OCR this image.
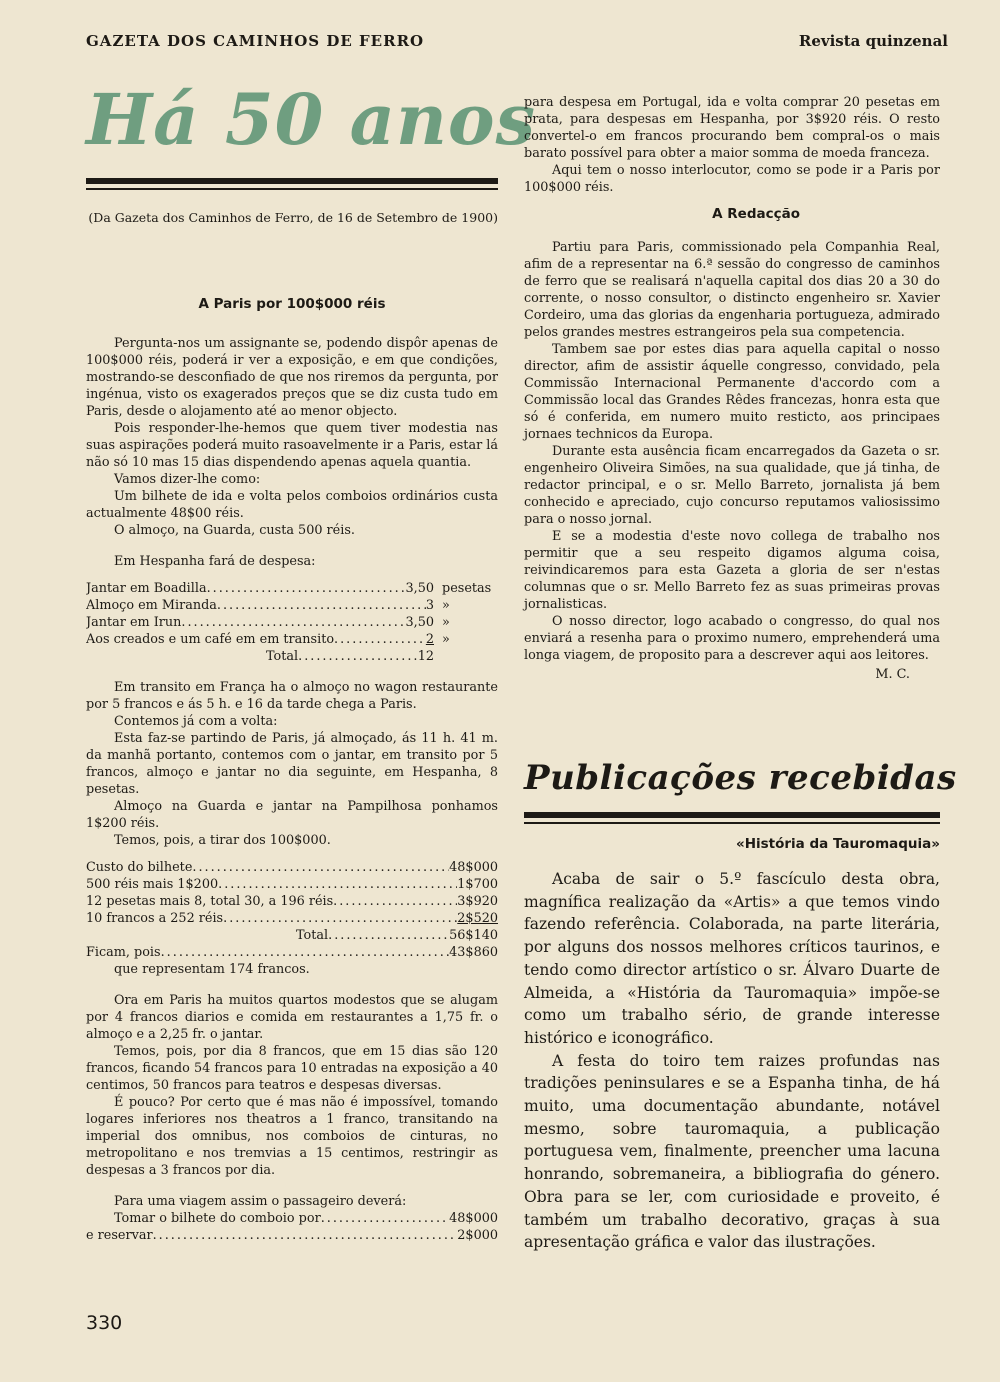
GAZETA DOS CAMINHOS DE FERRO	Revista quinzenal
Há 50 anos
(Da Gazeta dos Caminhos de Ferro, de 16 de Setembro de 1900)
A Paris por 100$000 réis

Pergunta-nos um assignante se, podendo dispôr apenas de 100$000 réis, poderá ir ver a exposição, e em que condições, mostrando-se desconfiado de que nos riremos da pergunta, por ingénua, visto os exagerados preços que se diz custa tudo em Paris, desde o alojamento até ao menor objecto.

Pois responder-lhe-hemos que quem tiver modestia nas suas aspirações poderá muito rasoavelmente ir a Paris, estar lá não só 10 mas 15 dias dispendendo apenas aquela quantia.

Vamos dizer-lhe como:

Um bilhete de ida e volta pelos comboios ordinários custa actualmente 48$00 réis.

O almoço, na Guarda, custa 500 réis.

Em Hespanha fará de despesa:

Jantar em Boadilla .....	3,50 pesetas
Almoço em Miranda .....	3 »
Jantar em Irun .....	3,50 »
Aos creados e um café em em transito .....	2 »
Total .....	12

Em transito em França ha o almoço no wagon restaurante por 5 francos e ás 5 h. e 16 da tarde chega a Paris.

Contemos já com a volta:

Esta faz-se partindo de Paris, já almoçado, ás 11 h. 41 m. da manhã portanto, contemos com o jantar, em transito por 5 francos, almoço e jantar no dia seguinte, em Hespanha, 8 pesetas.

Almoço na Guarda e jantar na Pampilhosa ponhamos 1$200 réis.

Temos, pois, a tirar dos 100$000.

Custo do bilhete .....	48$000
500 réis mais 1$200 .....	1$700
12 pesetas mais 8, total 30, a 196 réis .....	3$920
10 francos a 252 réis .....	2$520
Total .....	56$140
Ficam, pois .....	43$860

que representam 174 francos.

Ora em Paris ha muitos quartos modestos que se alugam por 4 francos diarios e comida em restaurantes a 1,75 fr. o almoço e a 2,25 fr. o jantar.

Temos, pois, por dia 8 francos, que em 15 dias são 120 francos, ficando 54 francos para 10 entradas na exposição a 40 centimos, 50 francos para teatros e despesas diversas.

É pouco? Por certo que é mas não é impossível, tomando logares inferiores nos theatros a 1 franco, transitando na imperial dos omnibus, nos comboios de cinturas, no metropolitano e nos tremvias a 15 centimos, restringir as despesas a 3 francos por dia.

Para uma viagem assim o passageiro deverá:

Tomar o bilhete do comboio por .....	48$000
e reservar .....	2$000

para despesa em Portugal, ida e volta comprar 20 pesetas em prata, para despesas em Hespanha, por 3$920 réis. O resto convertel-o em francos procurando bem compral-os o mais barato possível para obter a maior somma de moeda franceza.

Aqui tem o nosso interlocutor, como se pode ir a Paris por 100$000 réis.

A Redacção

Partiu para Paris, commissionado pela Companhia Real, afim de a representar na 6.ª sessão do congresso de caminhos de ferro que se realisará n'aquella capital dos dias 20 a 30 do corrente, o nosso consultor, o distincto engenheiro sr. Xavier Cordeiro, uma das glorias da engenharia portugueza, admirado pelos grandes mestres estrangeiros pela sua competencia.

Tambem sae por estes dias para aquella capital o nosso director, afim de assistir áquelle congresso, convidado, pela Commissão Internacional Permanente d'accordo com a Commissão local das Grandes Rêdes francezas, honra esta que só é conferida, em numero muito resticto, aos principaes jornaes technicos da Europa.

Durante esta ausência ficam encarregados da Gazeta o sr. engenheiro Oliveira Simões, na sua qualidade, que já tinha, de redactor principal, e o sr. Mello Barreto, jornalista já bem conhecido e apreciado, cujo concurso reputamos valiosissimo para o nosso jornal.

E se a modestia d'este novo collega de trabalho nos permitir que a seu respeito digamos alguma coisa, reivindicaremos para esta Gazeta a gloria de ser n'estas columnas que o sr. Mello Barreto fez as suas primeiras provas jornalisticas.

O nosso director, logo acabado o congresso, do qual nos enviará a resenha para o proximo numero, emprehenderá uma longa viagem, de proposito para a descrever aqui aos leitores.

M. C.
Publicações recebidas
«História da Tauromaquia»

Acaba de sair o 5.º fascículo desta obra, magnífica realização da «Artis» a que temos vindo fazendo referência. Colaborada, na parte literária, por alguns dos nossos melhores críticos taurinos, e tendo como director artístico o sr. Álvaro Duarte de Almeida, a «História da Tauromaquia» impõe-se como um trabalho sério, de grande interesse histórico e iconográfico.

A festa do toiro tem raizes profundas nas tradições peninsulares e se a Espanha tinha, de há muito, uma documentação abundante, notável mesmo, sobre tauromaquia, a publicação portuguesa vem, finalmente, preencher uma lacuna honrando, sobremaneira, a bibliografia do género. Obra para se ler, com curiosidade e proveito, é também um trabalho decorativo, graças à sua apresentação gráfica e valor das ilustrações.

330
